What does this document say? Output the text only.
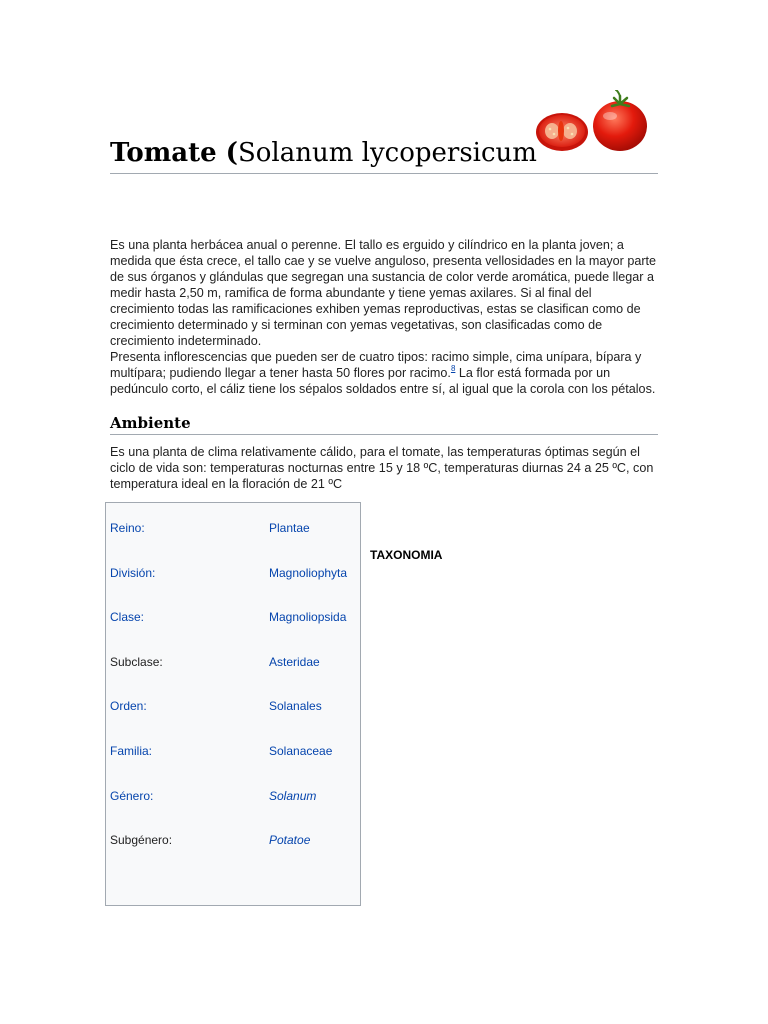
Tomate (Solanum lycopersicum

Es una planta herbácea anual o perenne. El tallo es erguido y cilíndrico en la planta joven; a medida que ésta crece, el tallo cae y se vuelve anguloso, presenta vellosidades en la mayor parte de sus órganos y glándulas que segregan una sustancia de color verde aromática, puede llegar a medir hasta 2,50 m, ramifica de forma abundante y tiene yemas axilares. Si al final del crecimiento todas las ramificaciones exhiben yemas reproductivas, estas se clasifican como de crecimiento determinado y si terminan con yemas vegetativas, son clasificadas como de crecimiento indeterminado.

Presenta inflorescencias que pueden ser de cuatro tipos: racimo simple, cima unípara, bípara y multípara; pudiendo llegar a tener hasta 50 flores por racimo.$^8$ La flor está formada por un pedúnculo corto, el cáliz tiene los sépalos soldados entre sí, al igual que la corola con los pétalos.

Ambiente

Es una planta de clima relativamente cálido, para el tomate, las temperaturas óptimas según el ciclo de vida son: temperaturas nocturnas entre 15 y 18 ºC, temperaturas diurnas 24 a 25 ºC, con temperatura ideal en la floración de 21 ºC

Reino:	Plantae
División:	Magnoliophyta
Clase:	Magnoliopsida
Subclase:	Asteridae
Orden:	Solanales
Familia:	Solanaceae
Género:	Solanum
Subgénero:	Potatoe
TAXONOMIA
